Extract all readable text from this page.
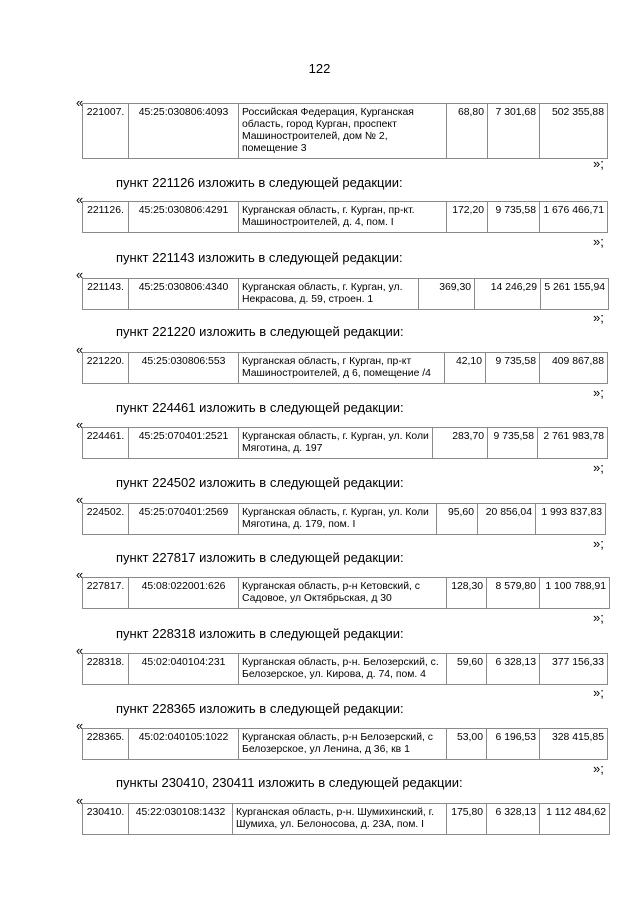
122
«
221007.	45:25:030806:4093	Российская Федерация, Курганская область, город Курган, проспект Машиностроителей, дом № 2, помещение 3	68,80	7 301,68	502 355,88
»;
пункт 221126 изложить в следующей редакции:
«
221126.	45:25:030806:4291	Курганская область, г. Курган, пр-кт. Машиностроителей, д. 4, пом. I	172,20	9 735,58	1 676 466,71
»;
пункт 221143 изложить в следующей редакции:
«
221143.	45:25:030806:4340	Курганская область, г. Курган, ул. Некрасова, д. 59, строен. 1	369,30	14 246,29	5 261 155,94
»;
пункт 221220 изложить в следующей редакции:
«
221220.	45:25:030806:553	Курганская область, г Курган, пр-кт Машиностроителей, д 6, помещение /4	42,10	9 735,58	409 867,88
»;
пункт 224461 изложить в следующей редакции:
«
224461.	45:25:070401:2521	Курганская область, г. Курган, ул. Коли Мяготина, д. 197	283,70	9 735,58	2 761 983,78
»;
пункт 224502 изложить в следующей редакции:
«
224502.	45:25:070401:2569	Курганская область, г. Курган, ул. Коли Мяготина, д. 179, пом. I	95,60	20 856,04	1 993 837,83
»;
пункт 227817 изложить в следующей редакции:
«
227817.	45:08:022001:626	Курганская область, р-н Кетовский, с Садовое, ул Октябрьская, д 30	128,30	8 579,80	1 100 788,91
»;
пункт 228318 изложить в следующей редакции:
«
228318.	45:02:040104:231	Курганская область, р-н. Белозерский, с. Белозерское, ул. Кирова, д. 74, пом. 4	59,60	6 328,13	377 156,33
»;
пункт 228365 изложить в следующей редакции:
«
228365.	45:02:040105:1022	Курганская область, р-н Белозерский, с Белозерское, ул Ленина, д 36, кв 1	53,00	6 196,53	328 415,85
»;
пункты 230410, 230411 изложить в следующей редакции:
«
230410.	45:22:030108:1432	Курганская область, р-н. Шумихинский, г. Шумиха, ул. Белоносова, д. 23А, пом. I	175,80	6 328,13	1 112 484,62
